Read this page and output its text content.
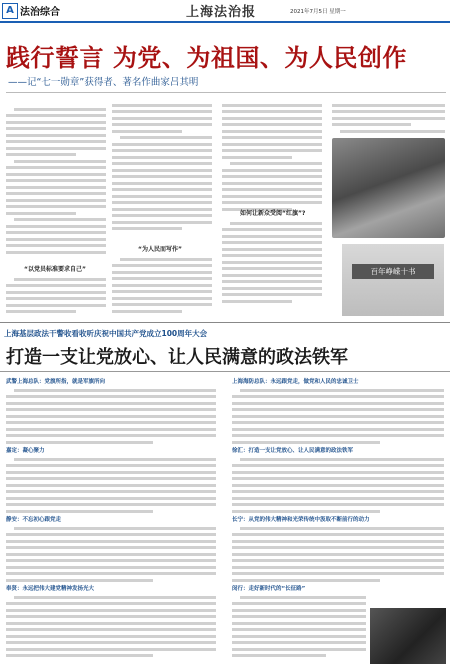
A 法治综合	上海法治报	2021年7月5日 星期一
践行誓言 为党、为祖国、为人民创作
——记“七一勋章”获得者、著名作曲家吕其明
“以党员标准要求自己”
“为人民而写作”
如何让新众受阅“红旗”?
百年峥嵘十书
上海基层政法干警收看收听庆祝中国共产党成立100周年大会
打造一支让党放心、让人民满意的政法铁军
武警上海总队：党旗所指，就是军旗所向
嘉定：凝心聚力
静安：不忘初心跟党走
奉贤：永远把伟大建党精神发扬光大
上海海防总队：永远跟党走，做党和人民的忠诚卫士
徐汇：打造一支让党放心、让人民满意的政法铁军
长宁：从党的伟大精神和光荣传统中汲取不断前行的动力
闵行：走好新时代的“长征路”
